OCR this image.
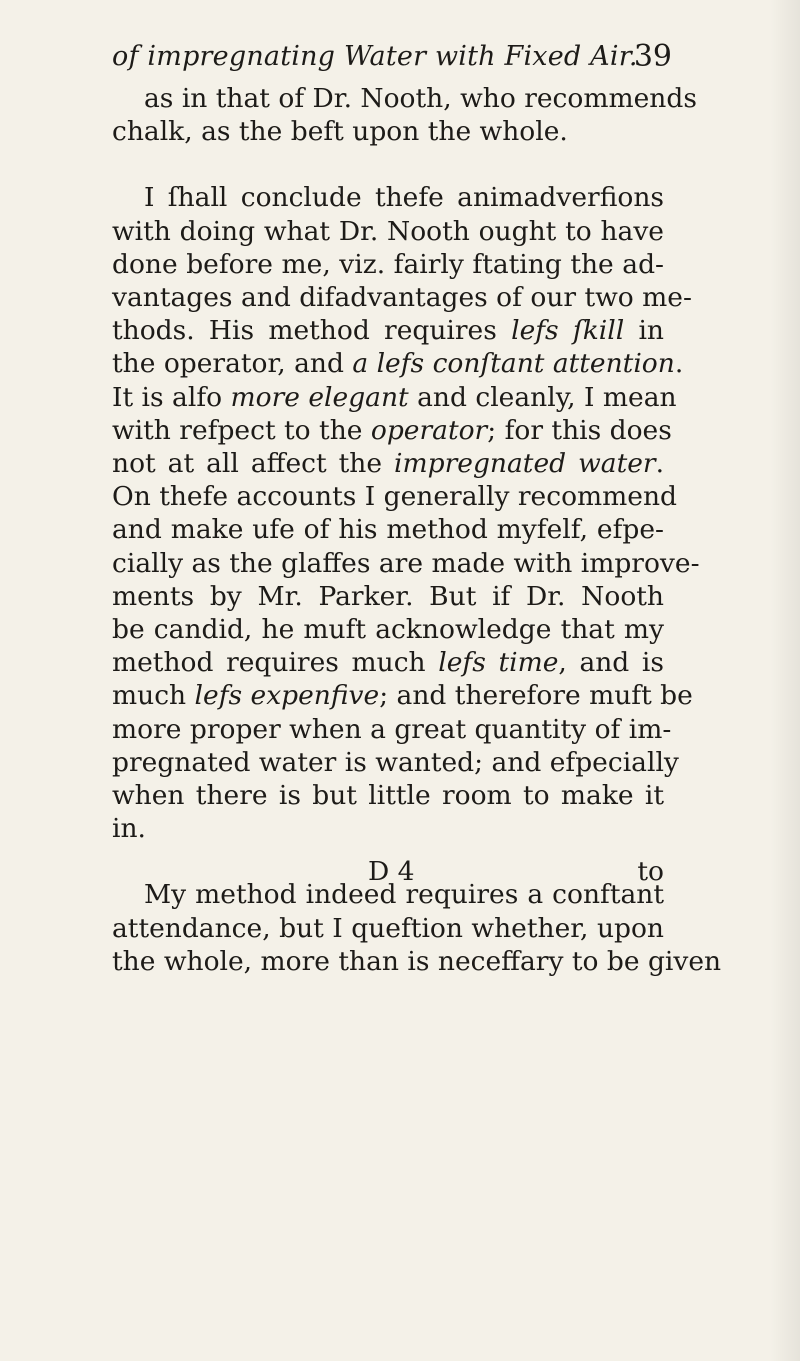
of impregnating Water with Fixed Air.
39
as in that of Dr. Nooth, who recommends
chalk, as the beft upon the whole.
I ſhall conclude thefe animadverfions
with doing what Dr. Nooth ought to have
done before me, viz. fairly ftating the ad-
vantages and difadvantages of our two me-
thods. His method requires lefs ſkill in
the operator, and a lefs conſtant attention.
It is alfo more elegant and cleanly, I mean
with refpect to the operator; for this does
not at all affect the impregnated water.
On thefe accounts I generally recommend
and make ufe of his method myfelf, efpe-
cially as the glaffes are made with improve-
ments by Mr. Parker. But if Dr. Nooth
be candid, he muft acknowledge that my
method requires much lefs time, and is
much lefs expenfive; and therefore muft be
more proper when a great quantity of im-
pregnated water is wanted; and efpecially
when there is but little room to make it
in.
My method indeed requires a conftant
attendance, but I queftion whether, upon
the whole, more than is neceffary to be given
D 4	to
